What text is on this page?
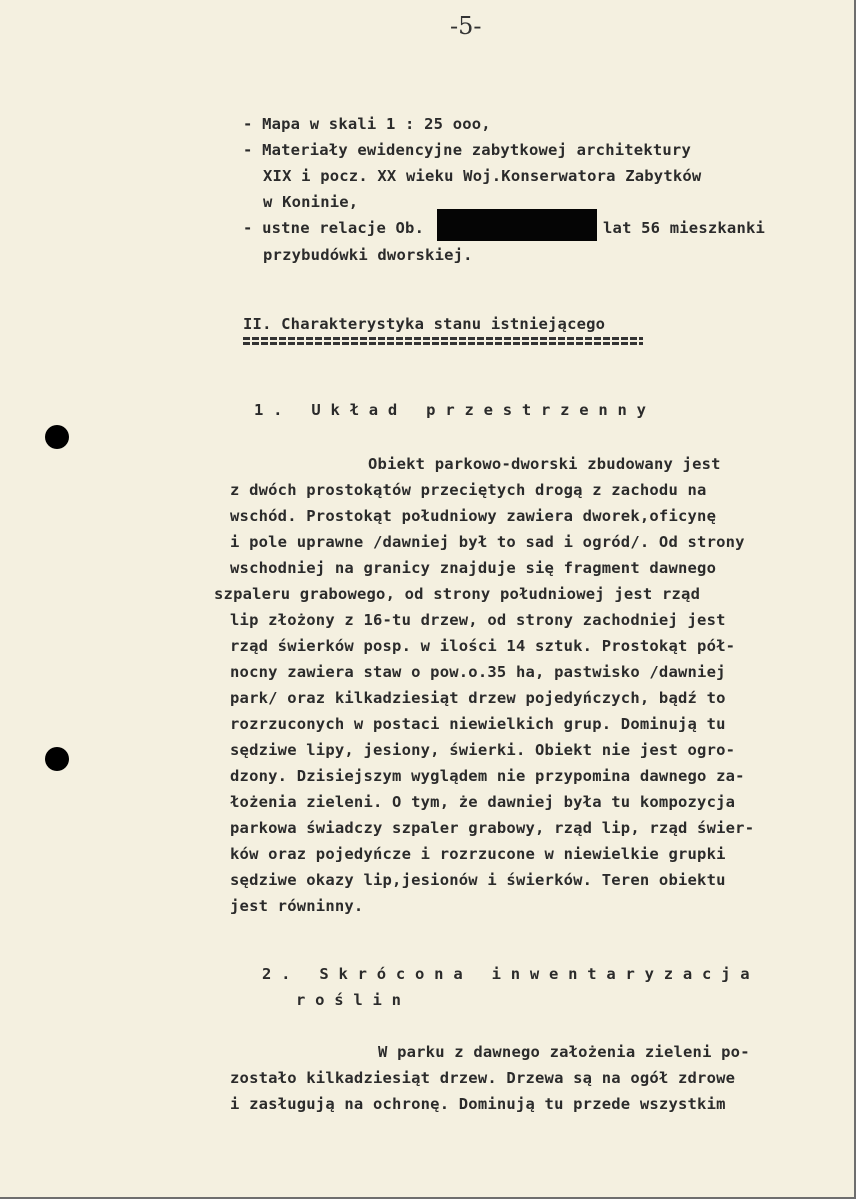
-5-
- Mapa w skali 1 : 25 ooo,
- Materiały ewidencyjne zabytkowej architektury
XIX i pocz. XX wieku Woj.Konserwatora Zabytków
w Koninie,
- ustne relacje Ob.	lat 56 mieszkanki
przybudówki dworskiej.
II. Charakterystyka stanu istniejącego
1. Układ przestrzenny
Obiekt parkowo-dworski zbudowany jest
z dwóch prostokątów przeciętych drogą z zachodu na
wschód. Prostokąt południowy zawiera dworek,oficynę
i pole uprawne /dawniej był to sad i ogród/. Od strony
wschodniej na granicy znajduje się fragment dawnego
szpaleru grabowego, od strony południowej jest rząd
lip złożony z 16-tu drzew, od strony zachodniej jest
rząd świerków posp. w ilości 14 sztuk. Prostokąt pół-
nocny zawiera staw o pow.o.35 ha, pastwisko /dawniej
park/ oraz kilkadziesiąt drzew pojedyńczych, bądź to
rozrzuconych w postaci niewielkich grup. Dominują tu
sędziwe lipy, jesiony, świerki. Obiekt nie jest ogro-
dzony. Dzisiejszym wyglądem nie przypomina dawnego za-
łożenia zieleni. O tym, że dawniej była tu kompozycja
parkowa świadczy szpaler grabowy, rząd lip, rząd świer-
ków oraz pojedyńcze i rozrzucone w niewielkie grupki
sędziwe okazy lip,jesionów i świerków. Teren obiektu
jest równinny.
2. Skrócona inwentaryzacja
roślin
W parku z dawnego założenia zieleni po-
zostało kilkadziesiąt drzew. Drzewa są na ogół zdrowe
i zasługują na ochronę. Dominują tu przede wszystkim
